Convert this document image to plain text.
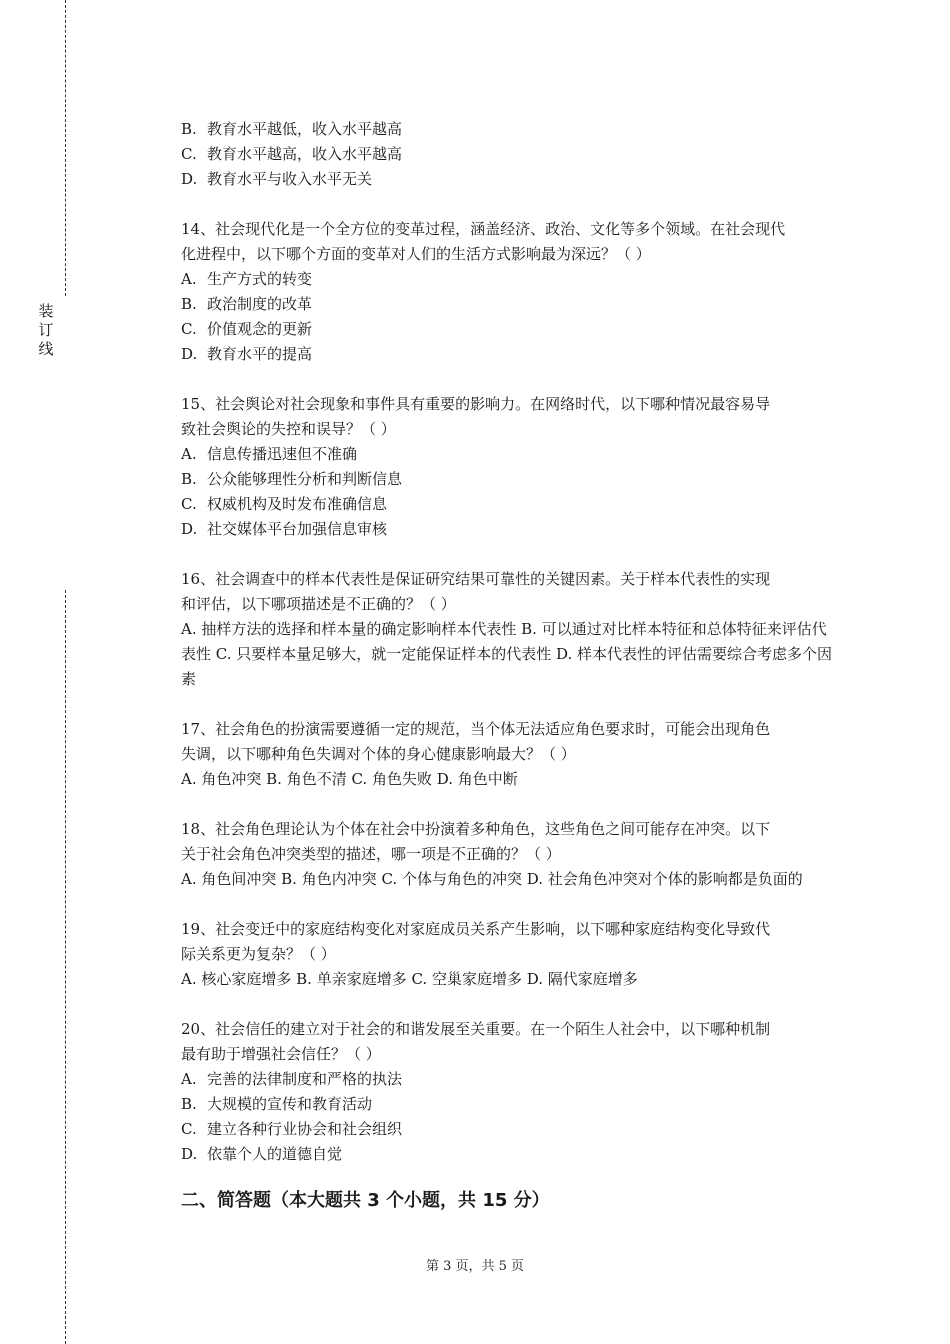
装订线
B. 教育水平越低，收入水平越高
C. 教育水平越高，收入水平越高
D. 教育水平与收入水平无关
14、社会现代化是一个全方位的变革过程，涵盖经济、政治、文化等多个领域。在社会现代
化进程中，以下哪个方面的变革对人们的生活方式影响最为深远？（ ）
A. 生产方式的转变
B. 政治制度的改革
C. 价值观念的更新
D. 教育水平的提高
15、社会舆论对社会现象和事件具有重要的影响力。在网络时代，以下哪种情况最容易导
致社会舆论的失控和误导？（ ）
A. 信息传播迅速但不准确
B. 公众能够理性分析和判断信息
C. 权威机构及时发布准确信息
D. 社交媒体平台加强信息审核
16、社会调查中的样本代表性是保证研究结果可靠性的关键因素。关于样本代表性的实现
和评估，以下哪项描述是不正确的？（ ）
A. 抽样方法的选择和样本量的确定影响样本代表性 B. 可以通过对比样本特征和总体特征来评估代表性 C. 只要样本量足够大，就一定能保证样本的代表性 D. 样本代表性的评估需要综合考虑多个因素
17、社会角色的扮演需要遵循一定的规范，当个体无法适应角色要求时，可能会出现角色
失调，以下哪种角色失调对个体的身心健康影响最大？（ ）
A. 角色冲突 B. 角色不清 C. 角色失败 D. 角色中断
18、社会角色理论认为个体在社会中扮演着多种角色，这些角色之间可能存在冲突。以下
关于社会角色冲突类型的描述，哪一项是不正确的？（ ）
A. 角色间冲突 B. 角色内冲突 C. 个体与角色的冲突 D. 社会角色冲突对个体的影响都是负面的
19、社会变迁中的家庭结构变化对家庭成员关系产生影响，以下哪种家庭结构变化导致代
际关系更为复杂？（ ）
A. 核心家庭增多 B. 单亲家庭增多 C. 空巢家庭增多 D. 隔代家庭增多
20、社会信任的建立对于社会的和谐发展至关重要。在一个陌生人社会中，以下哪种机制
最有助于增强社会信任？（ ）
A. 完善的法律制度和严格的执法
B. 大规模的宣传和教育活动
C. 建立各种行业协会和社会组织
D. 依靠个人的道德自觉
二、简答题（本大题共 3 个小题，共 15 分）
第 3 页，共 5 页
